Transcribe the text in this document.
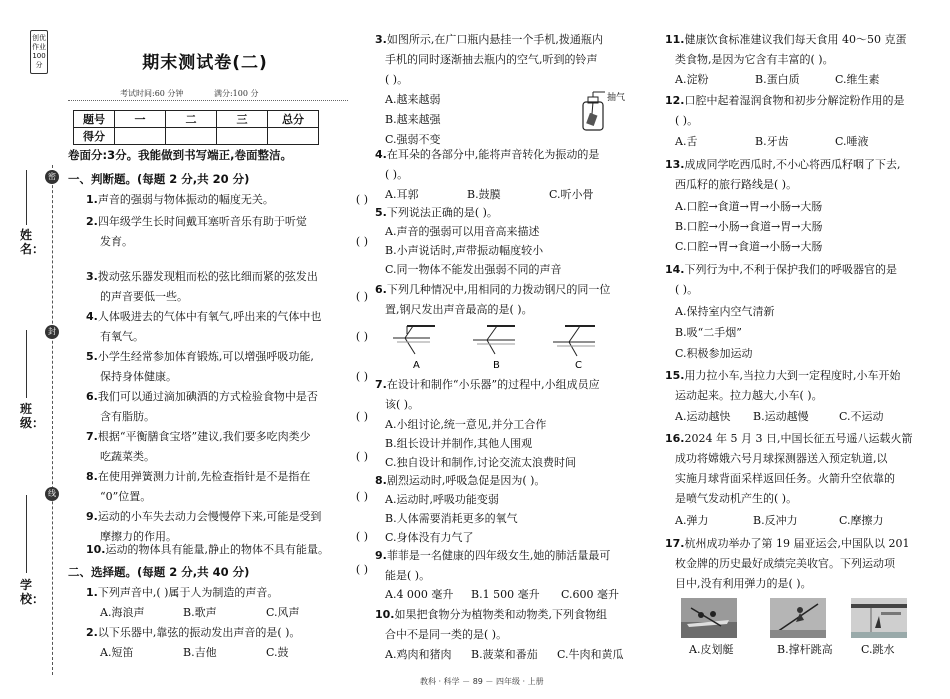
创优作业100分
密
封
线
姓名：
班级：
学校：
期末测试卷(二)
考试时间:60 分钟	满分:100 分
题号	一	二	三	总分
得分				
卷面分:3分。我能做到书写端正,卷面整洁。
一、判断题。(每题 2 分,共 20 分)
1.声音的强弱与物体振动的幅度无关。	( )
2.四年级学生长时间戴耳塞听音乐有助于听觉
发育。	( )
3.拨动弦乐器发现粗而松的弦比细而紧的弦发出
的声音要低一些。	( )
4.人体吸进去的气体中有氧气,呼出来的气体中也
有氧气。	( )
5.小学生经常参加体育锻炼,可以增强呼吸功能,
保持身体健康。	( )
6.我们可以通过滴加碘酒的方式检验食物中是否
含有脂肪。	( )
7.根据“平衡膳食宝塔”建议,我们要多吃肉类少
吃蔬菜类。	( )
8.在使用弹簧测力计前,先检查指针是不是指在
“0”位置。	( )
9.运动的小车失去动力会慢慢停下来,可能是受到
摩擦力的作用。	( )
10.运动的物体具有能量,静止的物体不具有能量。
( )
二、选择题。(每题 2 分,共 40 分)
1.下列声音中,( )属于人为制造的声音。
A.海浪声	B.歌声	C.风声
2.以下乐器中,靠弦的振动发出声音的是( )。
A.短笛	B.吉他	C.鼓
3.如图所示,在广口瓶内悬挂一个手机,拨通瓶内
手机的同时逐渐抽去瓶内的空气,听到的铃声
( )。
A.越来越弱
B.越来越强
C.强弱不变
抽气
4.在耳朵的各部分中,能将声音转化为振动的是
( )。
A.耳郭	B.鼓膜	C.听小骨
5.下列说法正确的是( )。
A.声音的强弱可以用音高来描述
B.小声说话时,声带振动幅度较小
C.同一物体不能发出强弱不同的声音
6.下列几种情况中,用相同的力拨动钢尺的同一位
置,钢尺发出声音最高的是( )。
A	B	C
7.在设计和制作“小乐器”的过程中,小组成员应
该( )。
A.小组讨论,统一意见,并分工合作
B.组长设计并制作,其他人围观
C.独自设计和制作,讨论交流太浪费时间
8.剧烈运动时,呼吸急促是因为( )。
A.运动时,呼吸功能变弱
B.人体需要消耗更多的氧气
C.身体没有力气了
9.菲菲是一名健康的四年级女生,她的肺活量最可
能是( )。
A.4 000 毫升 B.1 500 毫升 C.600 毫升
10.如果把食物分为植物类和动物类,下列食物组
合中不是同一类的是( )。
A.鸡肉和猪肉 B.菠菜和番茄 C.牛肉和黄瓜
11.健康饮食标准建议我们每天食用 40～50 克蛋
类食物,是因为它含有丰富的( )。
A.淀粉	B.蛋白质	C.维生素
12.口腔中起着湿润食物和初步分解淀粉作用的是
( )。
A.舌	B.牙齿	C.唾液
13.成成同学吃西瓜时,不小心将西瓜籽咽了下去,
西瓜籽的旅行路线是( )。
A.口腔→食道→胃→小肠→大肠
B.口腔→小肠→食道→胃→大肠
C.口腔→胃→食道→小肠→大肠
14.下列行为中,不利于保护我们的呼吸器官的是
( )。
A.保持室内空气清新
B.吸“二手烟”
C.积极参加运动
15.用力拉小车,当拉力大到一定程度时,小车开始
运动起来。拉力越大,小车( )。
A.运动越快 B.运动越慢	C.不运动
16.2024 年 5 月 3 日,中国长征五号遥八运载火箭
成功将嫦娥六号月球探测器送入预定轨道,以
实施月球背面采样返回任务。火箭升空依靠的
是喷气发动机产生的( )。
A.弹力	B.反冲力	C.摩擦力
17.杭州成功举办了第 19 届亚运会,中国队以 201
枚金牌的历史最好成绩完美收官。下列运动项
目中,没有利用弹力的是( )。
A.皮划艇	B.撑杆跳高	C.跳水
教科 · 科学 － 89 － 四年级 · 上册
